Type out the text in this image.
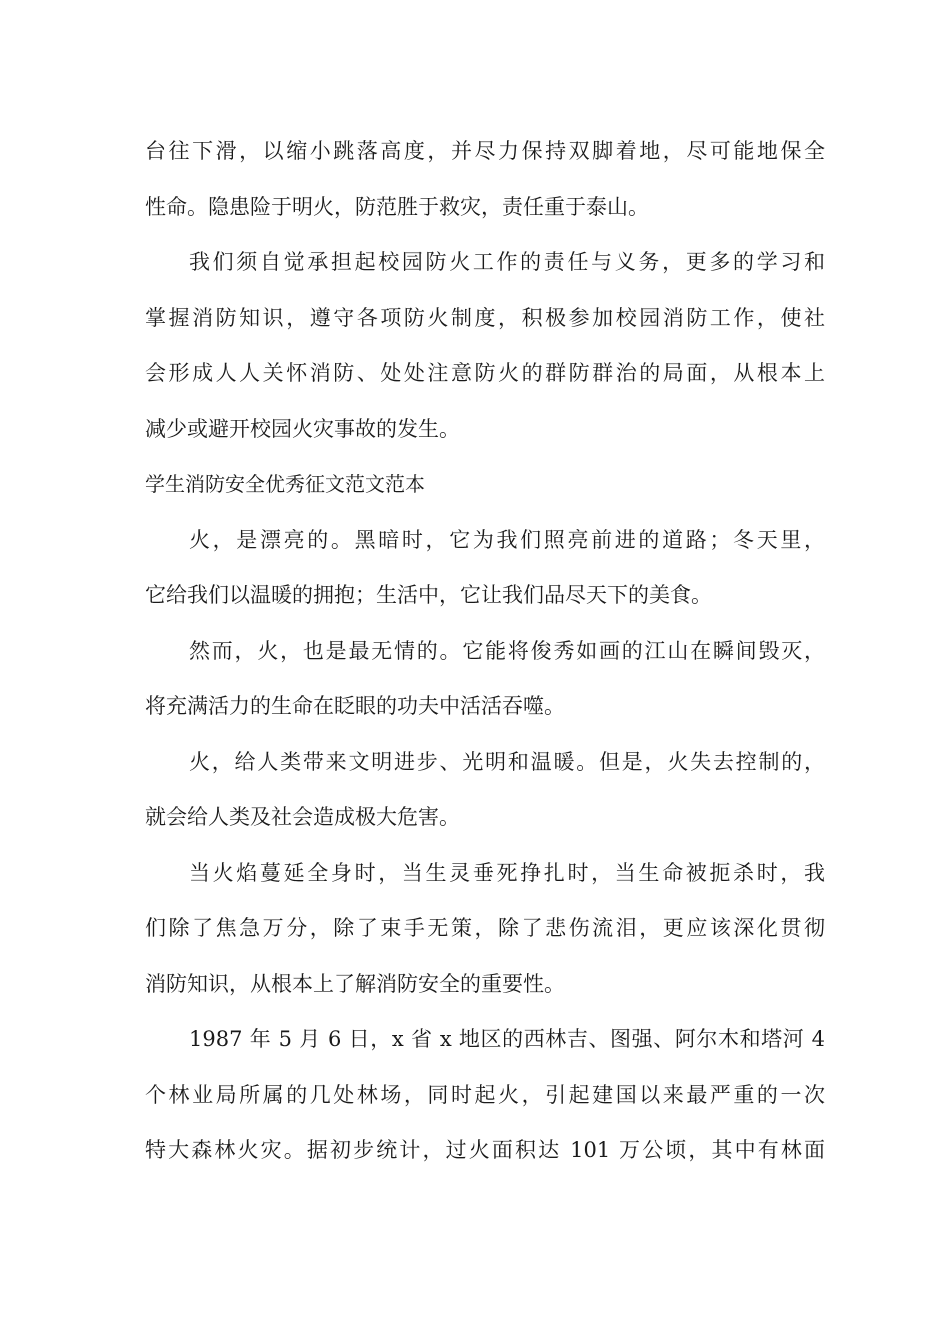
台往下滑，以缩小跳落高度，并尽力保持双脚着地，尽可能地保全
性命。隐患险于明火，防范胜于救灾，责任重于泰山。
我们须自觉承担起校园防火工作的责任与义务，更多的学习和
掌握消防知识，遵守各项防火制度，积极参加校园消防工作，使社
会形成人人关怀消防、处处注意防火的群防群治的局面，从根本上
减少或避开校园火灾事故的发生。
学生消防安全优秀征文范文范本
火，是漂亮的。黑暗时，它为我们照亮前进的道路；冬天里，
它给我们以温暖的拥抱；生活中，它让我们品尽天下的美食。
然而，火，也是最无情的。它能将俊秀如画的江山在瞬间毁灭，
将充满活力的生命在眨眼的功夫中活活吞噬。
火，给人类带来文明进步、光明和温暖。但是，火失去控制的，
就会给人类及社会造成极大危害。
当火焰蔓延全身时，当生灵垂死挣扎时，当生命被扼杀时，我
们除了焦急万分，除了束手无策，除了悲伤流泪，更应该深化贯彻
消防知识，从根本上了解消防安全的重要性。
1987 年 5 月 6 日，x 省 x 地区的西林吉、图强、阿尔木和塔河 4
个林业局所属的几处林场，同时起火，引起建国以来最严重的一次
特大森林火灾。据初步统计，过火面积达 101 万公顷，其中有林面
